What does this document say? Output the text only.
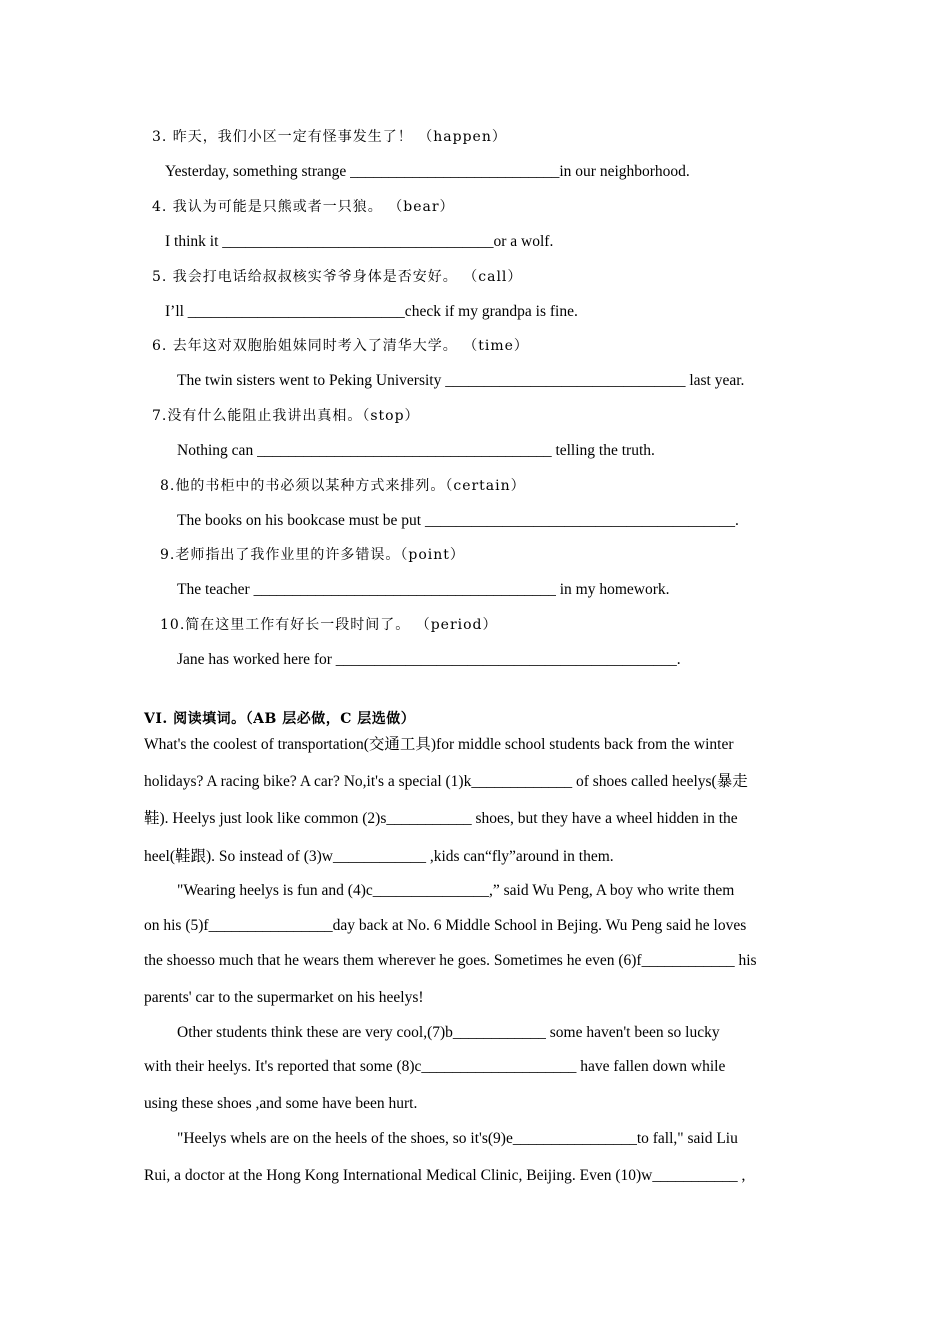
3. 昨天，我们小区一定有怪事发生了！ （happen）
Yesterday, something strange ___________________________in our neighborhood.
4. 我认为可能是只熊或者一只狼。 （bear）
I think it ___________________________________or a wolf.
5. 我会打电话给叔叔核实爷爷身体是否安好。 （call）
I’ll ____________________________check if my grandpa is fine.
6. 去年这对双胞胎姐妹同时考入了清华大学。 （time）
The twin sisters went to Peking University _______________________________ last year.
7.没有什么能阻止我讲出真相。（stop）
Nothing can ______________________________________ telling the truth.
8.他的书柜中的书必须以某种方式来排列。（certain）
The books on his bookcase must be put ________________________________________.
9.老师指出了我作业里的许多错误。（point）
The teacher _______________________________________ in my homework.
10.简在这里工作有好长一段时间了。 （period）
Jane has worked here for ____________________________________________.
VI. 阅读填词。（AB 层必做，C 层选做）
What's the coolest of transportation(交通工具)for middle school students back from the winter
holidays? A racing bike? A car? No,it's a special (1)k_____________ of shoes called heelys(暴走
鞋). Heelys just look like common (2)s___________ shoes, but they have a wheel hidden in the
heel(鞋跟). So instead of (3)w____________ ,kids can“fly”around in them.
"Wearing heelys is fun and (4)c_______________,” said Wu Peng, A boy who write them
on his (5)f________________day back at No. 6 Middle School in Bejing. Wu Peng said he loves
the shoesso much that he wears them wherever he goes. Sometimes he even (6)f____________ his
parents' car to the supermarket on his heelys!
Other students think these are very cool,(7)b____________ some haven't been so lucky
with their heelys. It's reported that some (8)c____________________ have fallen down while
using these shoes ,and some have been hurt.
"Heelys whels are on the heels of the shoes, so it's(9)e________________to fall," said Liu
Rui, a doctor at the Hong Kong International Medical Clinic, Beijing. Even (10)w___________ ,
